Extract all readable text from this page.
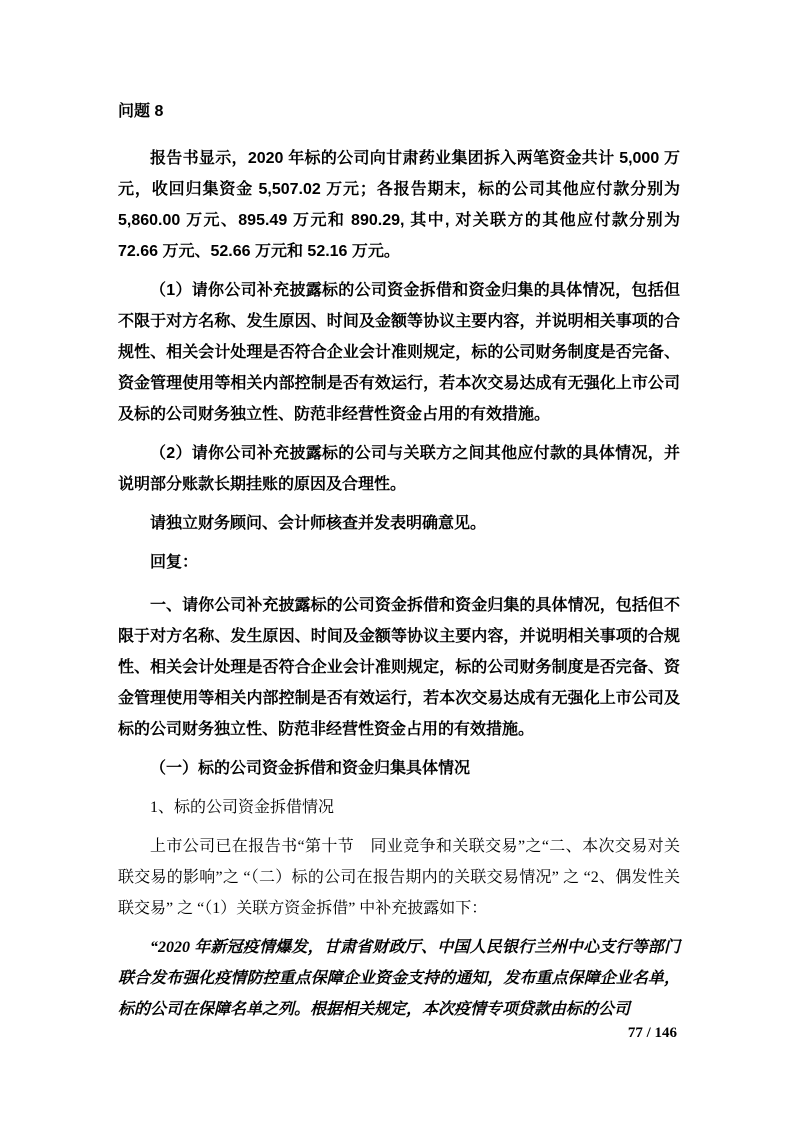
问题 8

报告书显示，2020 年标的公司向甘肃药业集团拆入两笔资金共计 5,000 万元，收回归集资金 5,507.02 万元；各报告期末，标的公司其他应付款分别为 5,860.00 万元、895.49 万元和 890.29, 其中, 对关联方的其他应付款分别为 72.66 万元、52.66 万元和 52.16 万元。

（1）请你公司补充披露标的公司资金拆借和资金归集的具体情况，包括但不限于对方名称、发生原因、时间及金额等协议主要内容，并说明相关事项的合规性、相关会计处理是否符合企业会计准则规定，标的公司财务制度是否完备、资金管理使用等相关内部控制是否有效运行，若本次交易达成有无强化上市公司及标的公司财务独立性、防范非经营性资金占用的有效措施。

（2）请你公司补充披露标的公司与关联方之间其他应付款的具体情况，并说明部分账款长期挂账的原因及合理性。

请独立财务顾问、会计师核查并发表明确意见。

回复：

一、请你公司补充披露标的公司资金拆借和资金归集的具体情况，包括但不限于对方名称、发生原因、时间及金额等协议主要内容，并说明相关事项的合规性、相关会计处理是否符合企业会计准则规定，标的公司财务制度是否完备、资金管理使用等相关内部控制是否有效运行，若本次交易达成有无强化上市公司及标的公司财务独立性、防范非经营性资金占用的有效措施。

（一）标的公司资金拆借和资金归集具体情况

1、标的公司资金拆借情况

上市公司已在报告书“第十节　同业竞争和关联交易”之“二、本次交易对关联交易的影响”之 “（二）标的公司在报告期内的关联交易情况” 之 “2、偶发性关联交易” 之 “（1）关联方资金拆借” 中补充披露如下：

“2020 年新冠疫情爆发，甘肃省财政厅、中国人民银行兰州中心支行等部门联合发布强化疫情防控重点保障企业资金支持的通知，发布重点保障企业名单，标的公司在保障名单之列。根据相关规定，本次疫情专项贷款由标的公司

77 / 146
